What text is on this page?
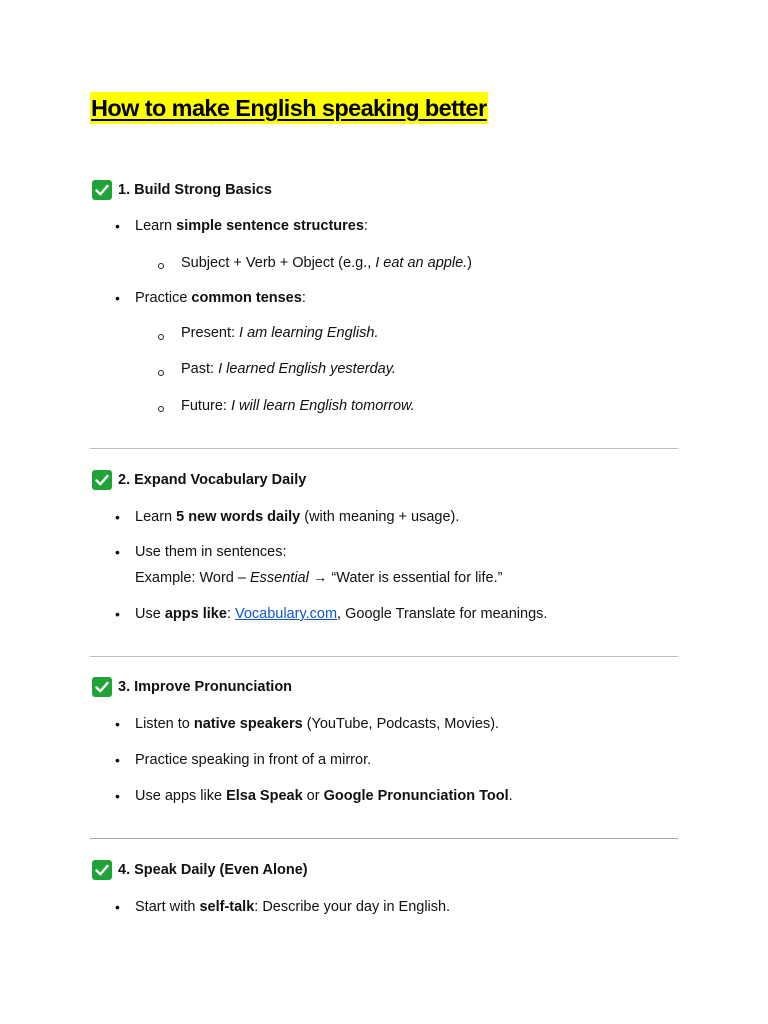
How to make English speaking better
1. Build Strong Basics
• Learn simple sentence structures:
Subject + Verb + Object (e.g., I eat an apple.)
• Practice common tenses:
Present: I am learning English.
Past: I learned English yesterday.
Future: I will learn English tomorrow.
2. Expand Vocabulary Daily
• Learn 5 new words daily (with meaning + usage).
• Use them in sentences:
Example: Word – Essential → “Water is essential for life.”
• Use apps like: Vocabulary.com, Google Translate for meanings.
3. Improve Pronunciation
• Listen to native speakers (YouTube, Podcasts, Movies).
• Practice speaking in front of a mirror.
• Use apps like Elsa Speak or Google Pronunciation Tool.
4. Speak Daily (Even Alone)
• Start with self-talk: Describe your day in English.
